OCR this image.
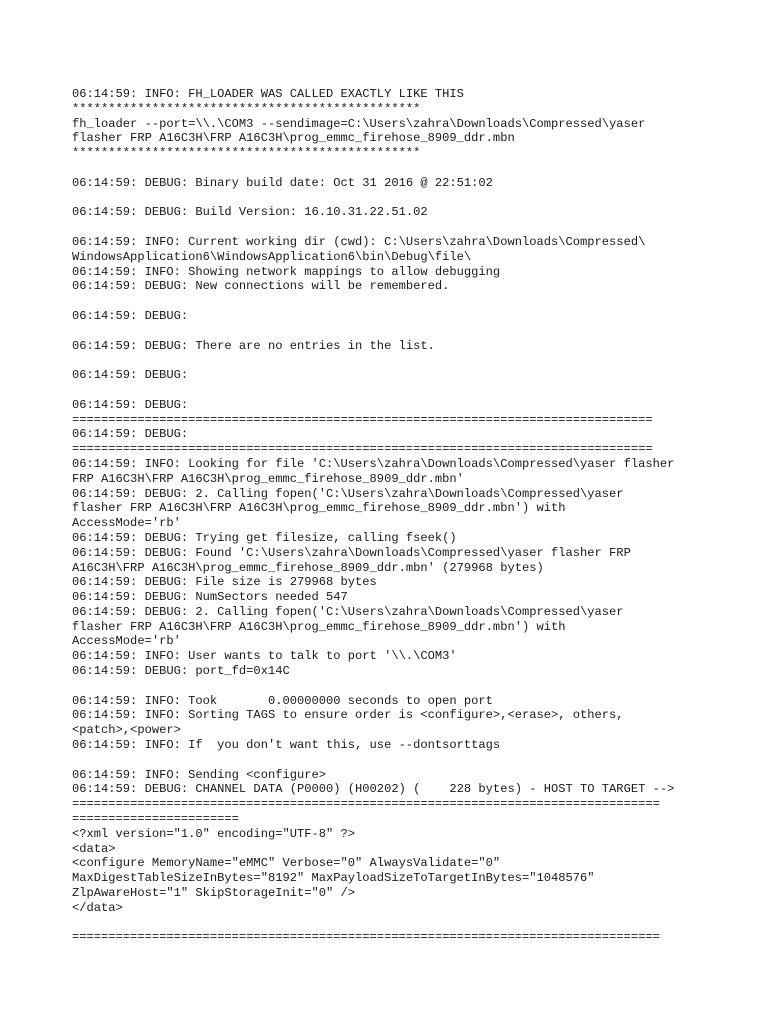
06:14:59: INFO: FH_LOADER WAS CALLED EXACTLY LIKE THIS
************************************************
fh_loader --port=\\.\COM3 --sendimage=C:\Users\zahra\Downloads\Compressed\yaser
flasher FRP A16C3H\FRP A16C3H\prog_emmc_firehose_8909_ddr.mbn
************************************************
06:14:59: DEBUG: Binary build date: Oct 31 2016 @ 22:51:02
06:14:59: DEBUG: Build Version: 16.10.31.22.51.02
06:14:59: INFO: Current working dir (cwd): C:\Users\zahra\Downloads\Compressed\
WindowsApplication6\WindowsApplication6\bin\Debug\file\
06:14:59: INFO: Showing network mappings to allow debugging
06:14:59: DEBUG: New connections will be remembered.
06:14:59: DEBUG:
06:14:59: DEBUG: There are no entries in the list.
06:14:59: DEBUG:
06:14:59: DEBUG:
================================================================================
06:14:59: DEBUG:
================================================================================
06:14:59: INFO: Looking for file 'C:\Users\zahra\Downloads\Compressed\yaser flasher
FRP A16C3H\FRP A16C3H\prog_emmc_firehose_8909_ddr.mbn'
06:14:59: DEBUG: 2. Calling fopen('C:\Users\zahra\Downloads\Compressed\yaser
flasher FRP A16C3H\FRP A16C3H\prog_emmc_firehose_8909_ddr.mbn') with
AccessMode='rb'
06:14:59: DEBUG: Trying get filesize, calling fseek()
06:14:59: DEBUG: Found 'C:\Users\zahra\Downloads\Compressed\yaser flasher FRP
A16C3H\FRP A16C3H\prog_emmc_firehose_8909_ddr.mbn' (279968 bytes)
06:14:59: DEBUG: File size is 279968 bytes
06:14:59: DEBUG: NumSectors needed 547
06:14:59: DEBUG: 2. Calling fopen('C:\Users\zahra\Downloads\Compressed\yaser
flasher FRP A16C3H\FRP A16C3H\prog_emmc_firehose_8909_ddr.mbn') with
AccessMode='rb'
06:14:59: INFO: User wants to talk to port '\\.\COM3'
06:14:59: DEBUG: port_fd=0x14C
06:14:59: INFO: Took       0.00000000 seconds to open port
06:14:59: INFO: Sorting TAGS to ensure order is <configure>,<erase>, others,
<patch>,<power>
06:14:59: INFO: If  you don't want this, use --dontsorttags
06:14:59: INFO: Sending <configure>
06:14:59: DEBUG: CHANNEL DATA (P0000) (H00202) (    228 bytes) - HOST TO TARGET -->
=================================================================================
=======================
<?xml version="1.0" encoding="UTF-8" ?>
<data>
<configure MemoryName="eMMC" Verbose="0" AlwaysValidate="0"
MaxDigestTableSizeInBytes="8192" MaxPayloadSizeToTargetInBytes="1048576"
ZlpAwareHost="1" SkipStorageInit="0" />
</data>
=================================================================================
